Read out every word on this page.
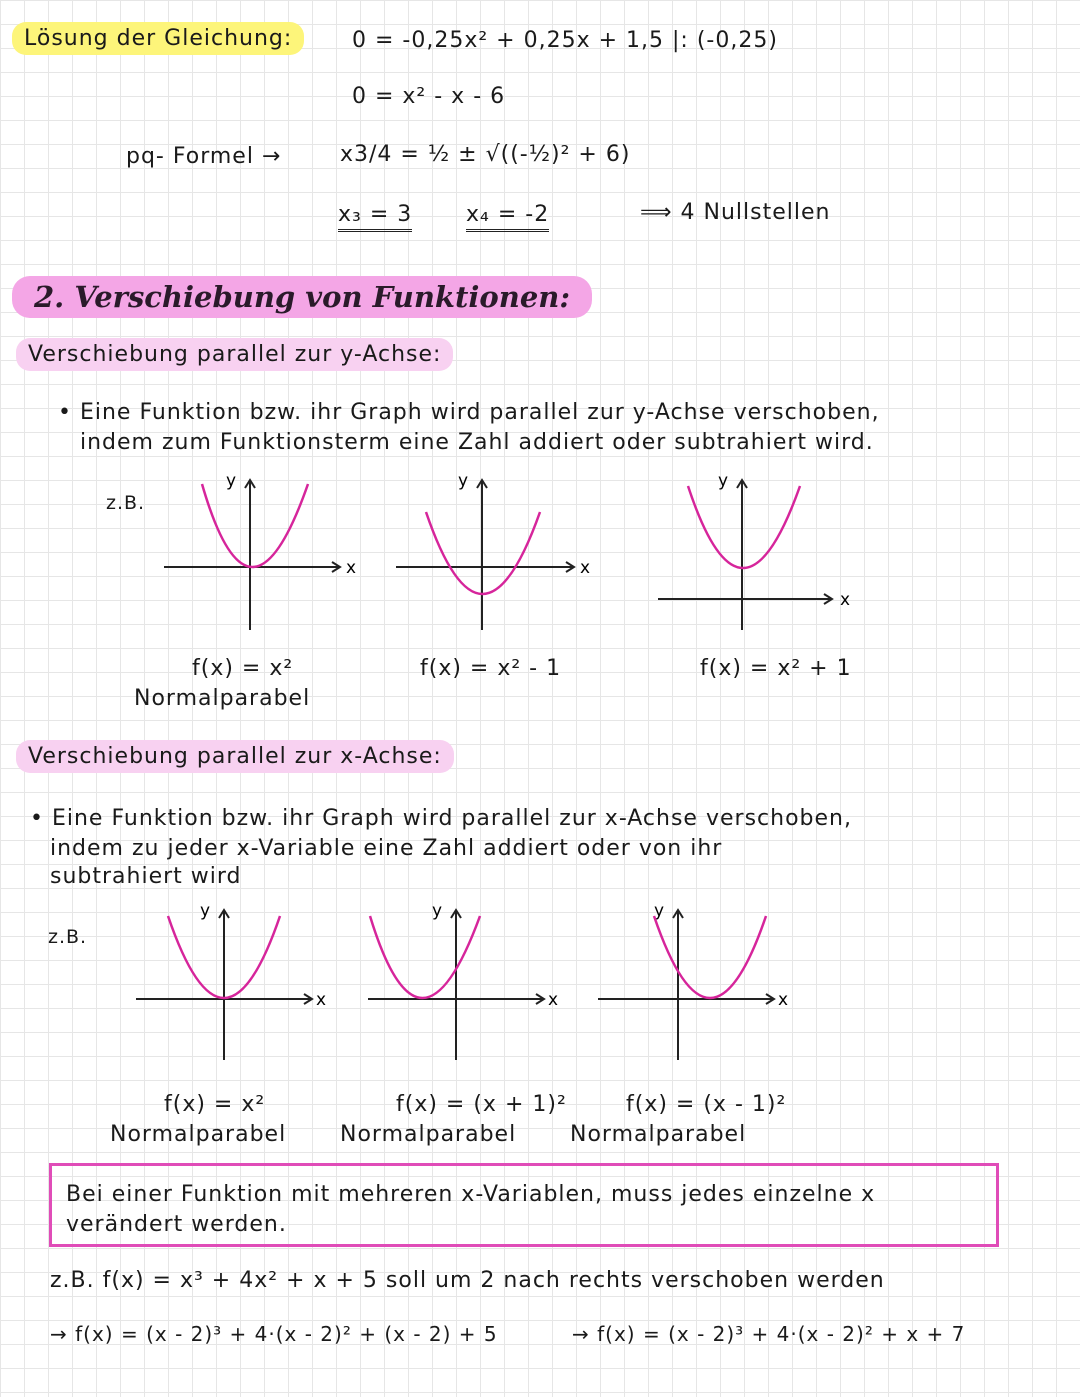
Lösung der Gleichung:	0 = -0,25x² + 0,25x + 1,5 |: (-0,25)
0 = x² - x - 6
pq- Formel →	x3/4 = ½ ± √((-½)² + 6)
x₃ = 3 x₄ = -2	⟹ 4 Nullstellen
2. Verschiebung von Funktionen:
Verschiebung parallel zur y-Achse:
• Eine Funktion bzw. ihr Graph wird parallel zur y-Achse verschoben,
indem zum Funktionsterm eine Zahl addiert oder subtrahiert wird.
z.B.
x
y
x
y
x
y
f(x) = x²
Normalparabel
f(x) = x² - 1	f(x) = x² + 1
Verschiebung parallel zur x-Achse:
• Eine Funktion bzw. ihr Graph wird parallel zur x-Achse verschoben,
indem zu jeder x-Variable eine Zahl addiert oder von ihr
subtrahiert wird
z.B.
x
y
x
y
x
y
f(x) = x²
Normalparabel
f(x) = (x + 1)²
Normalparabel
f(x) = (x - 1)²
Normalparabel
Bei einer Funktion mit mehreren x-Variablen, muss jedes einzelne x verändert werden.
z.B. f(x) = x³ + 4x² + x + 5 soll um 2 nach rechts verschoben werden
→ f(x) = (x - 2)³ + 4·(x - 2)² + (x - 2) + 5	→ f(x) = (x - 2)³ + 4·(x - 2)² + x + 7
